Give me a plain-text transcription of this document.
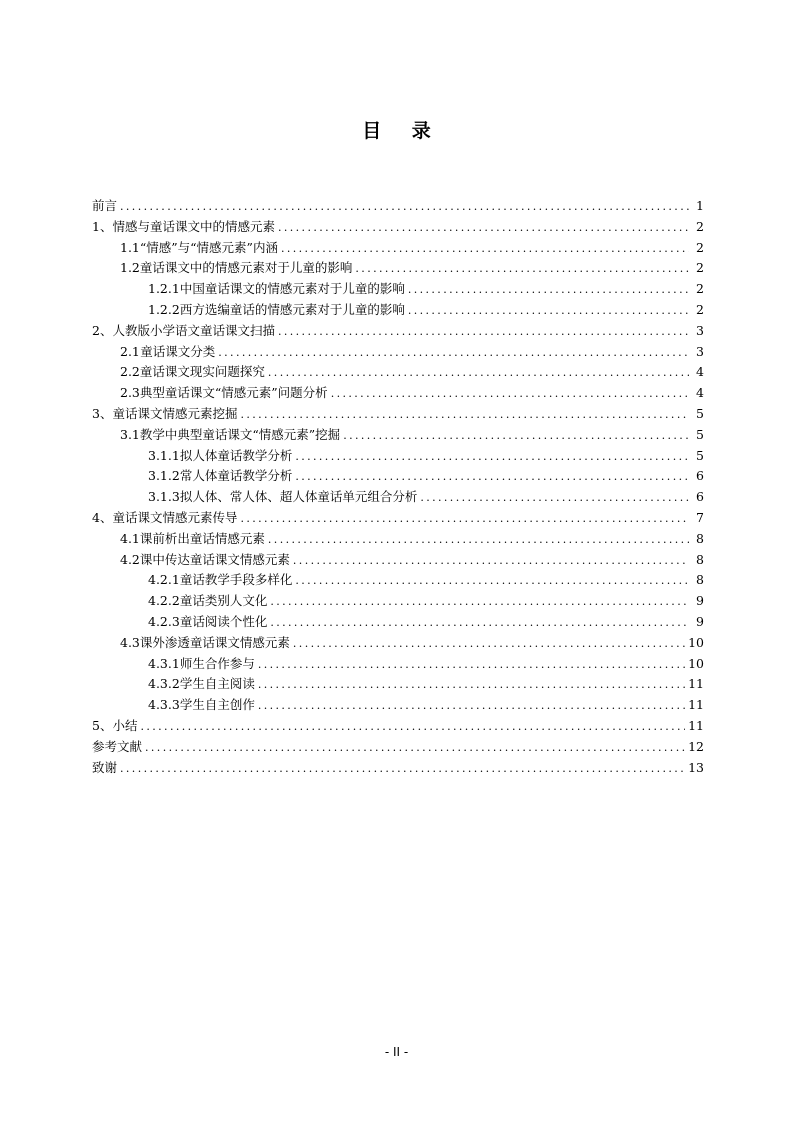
目 录
前言 .....	1
1、 情感与童话课文中的情感元素 .....	2
1.1 “情感”与“情感元素”内涵 .....	2
1.2 童话课文中的情感元素对于儿童的影响 .....	2
1.2.1 中国童话课文的情感元素对于儿童的影响 .....	2
1.2.2 西方选编童话的情感元素对于儿童的影响 .....	2
2、 人教版小学语文童话课文扫描 .....	3
2.1 童话课文分类 .....	3
2.2 童话课文现实问题探究 .....	4
2.3 典型童话课文“情感元素”问题分析 .....	4
3、 童话课文情感元素挖掘 .....	5
3.1 教学中典型童话课文“情感元素”挖掘 .....	5
3.1.1 拟人体童话教学分析 .....	5
3.1.2 常人体童话教学分析 .....	6
3.1.3 拟人体、常人体、超人体童话单元组合分析 .....	6
4、 童话课文情感元素传导 .....	7
4.1 课前析出童话情感元素 .....	8
4.2 课中传达童话课文情感元素 .....	8
4.2.1 童话教学手段多样化 .....	8
4.2.2 童话类别人文化 .....	9
4.2.3 童话阅读个性化 .....	9
4.3 课外渗透童话课文情感元素 .....	10
4.3.1 师生合作参与 .....	10
4.3.2 学生自主阅读 .....	11
4.3.3 学生自主创作 .....	11
5、 小结 .....	11
参考文献 .....	12
致谢 .....	13
- II -
